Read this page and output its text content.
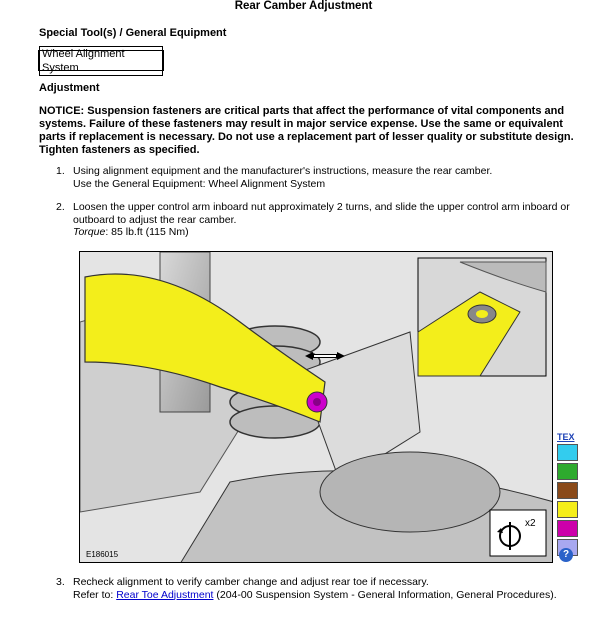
Rear Camber Adjustment
Special Tool(s) / General Equipment
Wheel Alignment System
Adjustment
NOTICE: Suspension fasteners are critical parts that affect the performance of vital components and systems. Failure of these fasteners may result in major service expense. Use the same or equivalent parts if replacement is necessary. Do not use a replacement part of lesser quality or substitute design. Tighten fasteners as specified.
1. Using alignment equipment and the manufacturer's instructions, measure the rear camber.
Use the General Equipment: Wheel Alignment System
2. Loosen the upper control arm inboard nut approximately 2 turns, and slide the upper control arm inboard or outboard to adjust the rear camber.
Torque: 85 lb.ft (115 Nm)
x2
E186015
TEX
?
3. Recheck alignment to verify camber change and adjust rear toe if necessary.
Refer to: Rear Toe Adjustment (204-00 Suspension System - General Information, General Procedures).
